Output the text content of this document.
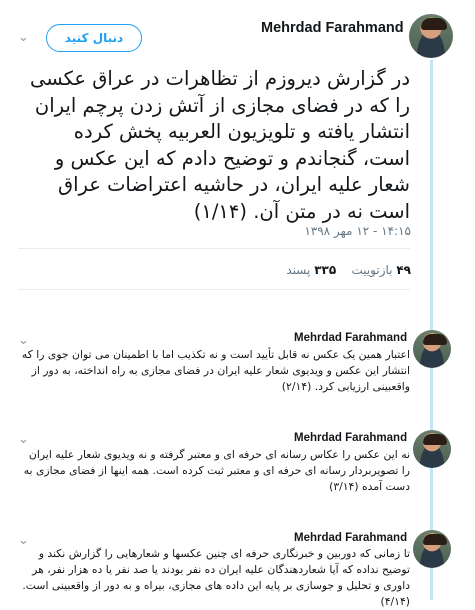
Mehrdad Farahmand
⌄	دنبال کنید
در گزارش دیروزم از تظاهرات در عراق عکسی را که در فضای مجازی از آتش زدن پرچم ایران انتشار یافته و تلویزیون العربیه پخش کرده است، گنجاندم و توضیح دادم که این عکس و شعار علیه ایران، در حاشیه اعتراضات عراق است نه در متن آن. (۱/۱۴)
۱۴:۱۵ - ۱۲ مهر ۱۳۹۸
۴۹ بازتوییت    ۳۳۵ پسند
Mehrdad Farahmand
⌄
اعتبار همین یک عکس نه قابل تأیید است و نه تکذیب اما با اطمینان می توان جوی را که انتشار این عکس و ویدیوی شعار علیه ایران در فضای مجازی به راه انداخته، به دور از واقعبینی ارزیابی کرد. (۲/۱۴)
Mehrdad Farahmand
⌄
نه این عکس را عکاس رسانه ای حرفه ای و معتبر گرفته و نه ویدیوی شعار علیه ایران را تصویربردار رسانه ای حرفه ای و معتبر ثبت کرده است. همه اینها از فضای مجازی به دست آمده (۳/۱۴)
Mehrdad Farahmand
⌄
تا زمانی که دوربین و خبرنگاری حرفه ای چنین عکسها و شعارهایی را گزارش نکند و توضیح نداده که آیا شعاردهندگان علیه ایران ده نفر بودند یا صد نفر یا ده هزار نفر، هر داوری و تحلیل و جوسازی بر پایه این داده های مجازی، بیراه و به دور از واقعبینی است. (۴/۱۴)
